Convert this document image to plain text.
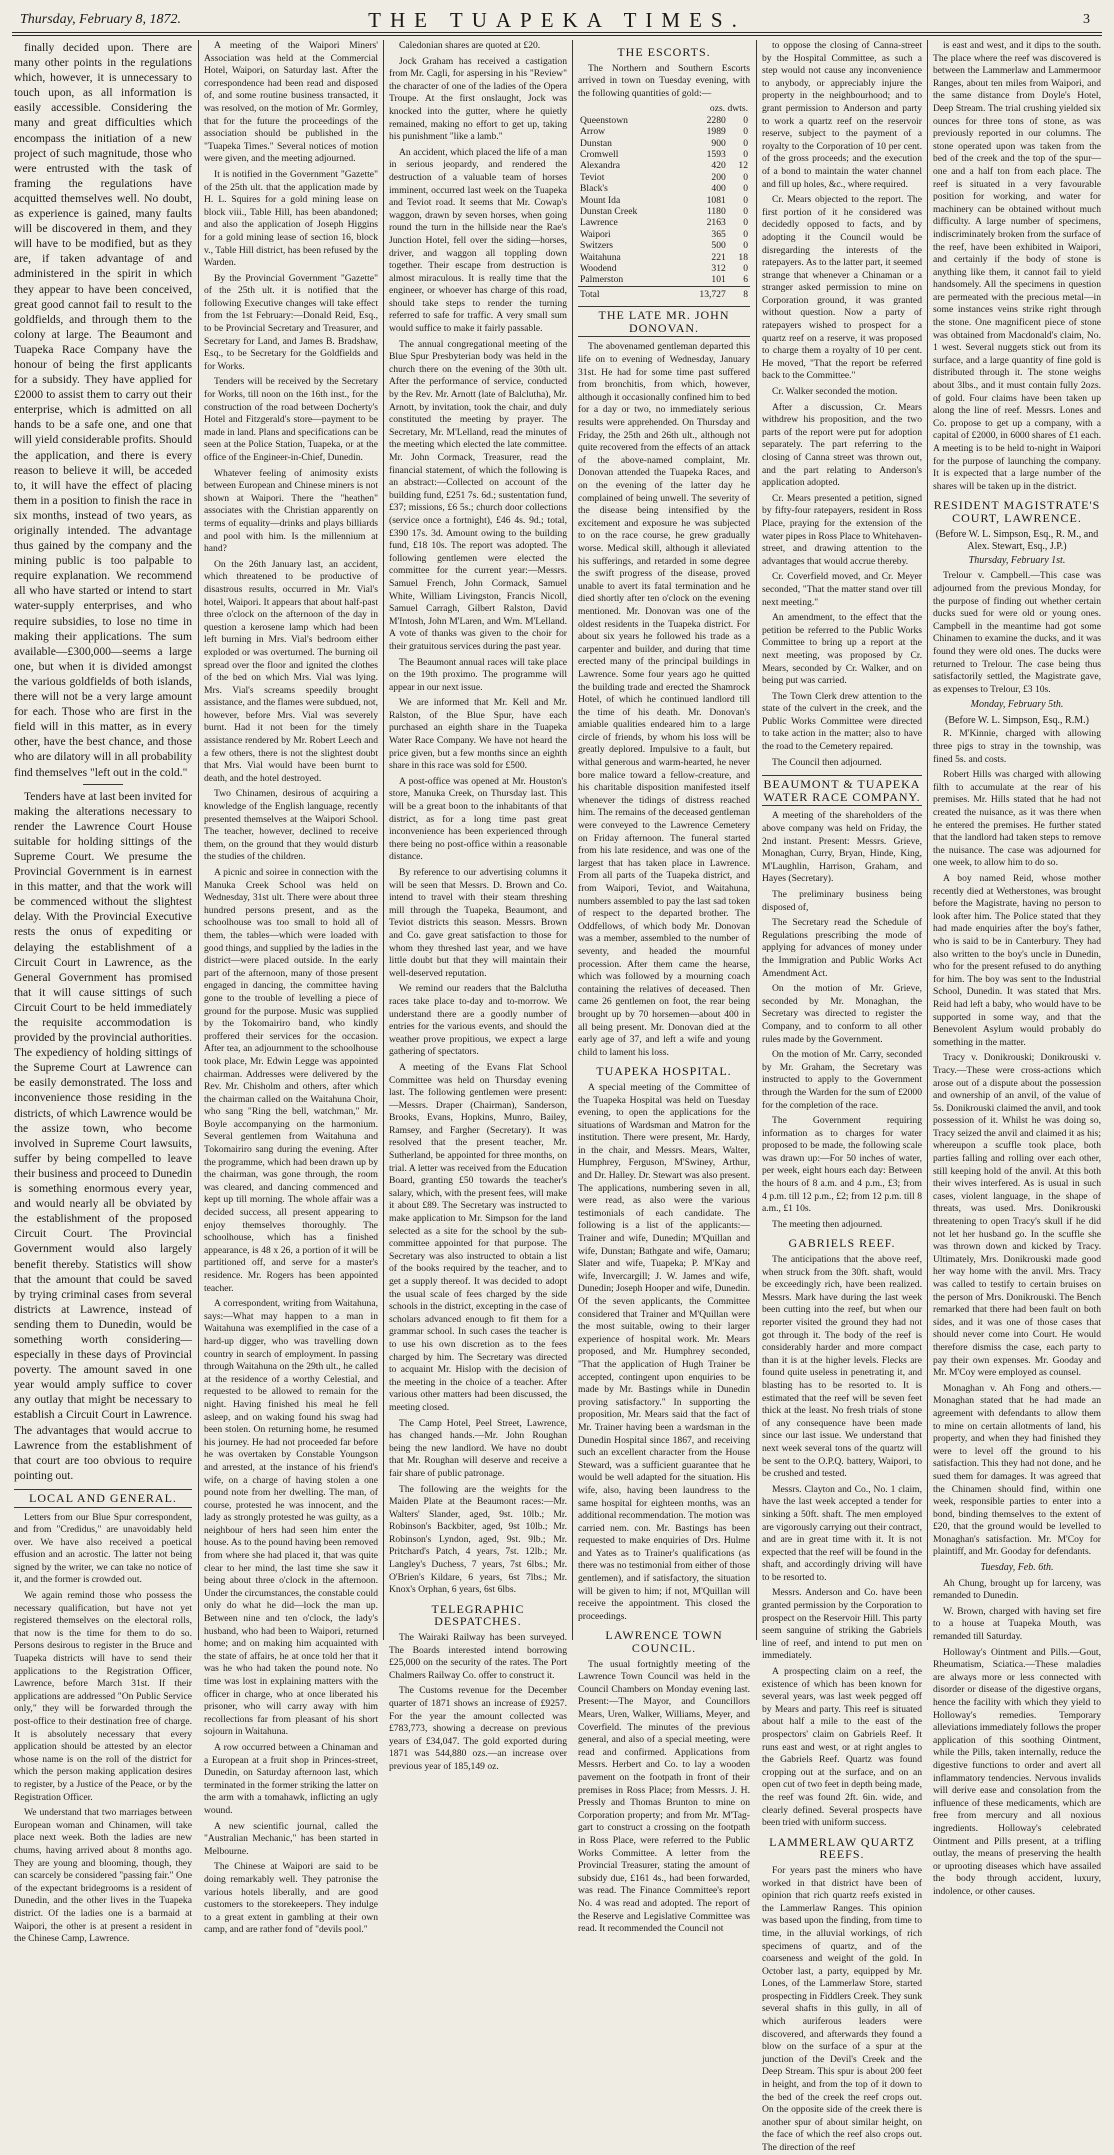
Thursday, February 8, 1872.	THE TUAPEKA TIMES.	3

finally decided upon. There are many other points in the regulations which, however, it is unnecessary to touch upon, as all information is easily accessible. Considering the many and great difficulties which encompass the initiation of a new project of such magnitude, those who were entrusted with the task of framing the regulations have acquitted themselves well. No doubt, as experience is gained, many faults will be discovered in them, and they will have to be modified, but as they are, if taken advantage of and administered in the spirit in which they appear to have been conceived, great good cannot fail to result to the goldfields, and through them to the colony at large. The Beaumont and Tuapeka Race Company have the honour of being the first applicants for a subsidy. They have applied for £2000 to assist them to carry out their enterprise, which is admitted on all hands to be a safe one, and one that will yield considerable profits. Should the application, and there is every reason to believe it will, be acceded to, it will have the effect of placing them in a position to finish the race in six months, instead of two years, as originally intended. The advantage thus gained by the company and the mining public is too palpable to require explanation. We recommend all who have started or intend to start water-supply enterprises, and who require subsidies, to lose no time in making their applications. The sum available—£300,000—seems a large one, but when it is divided amongst the various goldfields of both islands, there will not be a very large amount for each. Those who are first in the field will in this matter, as in every other, have the best chance, and those who are dilatory will in all probability find themselves "left out in the cold."

Tenders have at last been invited for making the alterations necessary to render the Lawrence Court House suitable for holding sittings of the Supreme Court. We presume the Provincial Government is in earnest in this matter, and that the work will be commenced without the slightest delay. With the Provincial Executive rests the onus of expediting or delaying the establishment of a Circuit Court in Lawrence, as the General Government has promised that it will cause sittings of such Circuit Court to be held immediately the requisite accommodation is provided by the provincial authorities. The expediency of holding sittings of the Supreme Court at Lawrence can be easily demonstrated. The loss and inconvenience those residing in the districts, of which Lawrence would be the assize town, who become involved in Supreme Court lawsuits, suffer by being compelled to leave their business and proceed to Dunedin is something enormous every year, and would nearly all be obviated by the establishment of the proposed Circuit Court. The Provincial Government would also largely benefit thereby. Statistics will show that the amount that could be saved by trying criminal cases from several districts at Lawrence, instead of sending them to Dunedin, would be something worth considering—especially in these days of Provincial poverty. The amount saved in one year would amply suffice to cover any outlay that might be necessary to establish a Circuit Court in Lawrence. The advantages that would accrue to Lawrence from the establishment of that court are too obvious to require pointing out.

LOCAL AND GENERAL.

Letters from our Blue Spur correspondent, and from "Credidus," are unavoidably held over. We have also received a poetical effusion and an acrostic. The latter not being signed by the writer, we can take no notice of it, and the former is crowded out.

We again remind those who possess the necessary qualification, but have not yet registered themselves on the electoral rolls, that now is the time for them to do so. Persons desirous to register in the Bruce and Tuapeka districts will have to send their applications to the Registration Officer, Lawrence, before March 31st. If their applications are addressed "On Public Service only," they will be forwarded through the post-office to their destination free of charge. It is absolutely necessary that every application should be attested by an elector whose name is on the roll of the district for which the person making application desires to register, by a Justice of the Peace, or by the Registration Officer.

We understand that two marriages between European woman and Chinamen, will take place next week. Both the ladies are new chums, having arrived about 8 months ago. They are young and blooming, though, they can scarcely be considered "passing fair." One of the expectant bridegrooms is a resident of Dunedin, and the other lives in the Tuapeka district. Of the ladies one is a barmaid at Waipori, the other is at present a resident in the Chinese Camp, Lawrence.

A meeting of the Waipori Miners' Association was held at the Commercial Hotel, Waipori, on Saturday last. After the correspondence had been read and disposed of, and some routine business transacted, it was resolved, on the motion of Mr. Gormley, that for the future the proceedings of the association should be published in the "Tuapeka Times." Several notices of motion were given, and the meeting adjourned.

It is notified in the Government "Gazette" of the 25th ult. that the application made by H. L. Squires for a gold mining lease on block viii., Table Hill, has been abandoned; and also the application of Joseph Higgins for a gold mining lease of section 16, block v., Table Hill district, has been refused by the Warden.

By the Provincial Government "Gazette" of the 25th ult. it is notified that the following Executive changes will take effect from the 1st February:—Donald Reid, Esq., to be Provincial Secretary and Treasurer, and Secretary for Land, and James B. Bradshaw, Esq., to be Secretary for the Goldfields and for Works.

Tenders will be received by the Secretary for Works, till noon on the 16th inst., for the construction of the road between Docherty's Hotel and Fitzgerald's store—payment to be made in land. Plans and specifications can be seen at the Police Station, Tuapeka, or at the office of the Engineer-in-Chief, Dunedin.

Whatever feeling of animosity exists between European and Chinese miners is not shown at Waipori. There the "heathen" associates with the Christian apparently on terms of equality—drinks and plays billiards and pool with him. Is the millennium at hand?

On the 26th January last, an accident, which threatened to be productive of disastrous results, occurred in Mr. Vial's hotel, Waipori. It appears that about half-past three o'clock on the afternoon of the day in question a kerosene lamp which had been left burning in Mrs. Vial's bedroom either exploded or was overturned. The burning oil spread over the floor and ignited the clothes of the bed on which Mrs. Vial was lying. Mrs. Vial's screams speedily brought assistance, and the flames were subdued, not, however, before Mrs. Vial was severely burnt. Had it not been for the timely assistance rendered by Mr. Robert Leech and a few others, there is not the slightest doubt that Mrs. Vial would have been burnt to death, and the hotel destroyed.

Two Chinamen, desirous of acquiring a knowledge of the English language, recently presented themselves at the Waipori School. The teacher, however, declined to receive them, on the ground that they would disturb the studies of the children.

A picnic and soiree in connection with the Manuka Creek School was held on Wednesday, 31st ult. There were about three hundred persons present, and as the schoolhouse was too small to hold all of them, the tables—which were loaded with good things, and supplied by the ladies in the district—were placed outside. In the early part of the afternoon, many of those present engaged in dancing, the committee having gone to the trouble of levelling a piece of ground for the purpose. Music was supplied by the Tokomairiro band, who kindly proffered their services for the occasion. After tea, an adjournment to the schoolhouse took place, Mr. Edwin Legge was appointed chairman. Addresses were delivered by the Rev. Mr. Chisholm and others, after which the chairman called on the Waitahuna Choir, who sang "Ring the bell, watchman," Mr. Boyle accompanying on the harmonium. Several gentlemen from Waitahuna and Tokomairiro sang during the evening. After the programme, which had been drawn up by the chairman, was gone through, the room was cleared, and dancing commenced and kept up till morning. The whole affair was a decided success, all present appearing to enjoy themselves thoroughly. The schoolhouse, which has a finished appearance, is 48 x 26, a portion of it will be partitioned off, and serve for a master's residence. Mr. Rogers has been appointed teacher.

A correspondent, writing from Waitahuna, says:—What may happen to a man in Waitahuna was exemplified in the case of a hard-up digger, who was travelling down country in search of employment. In passing through Waitahuna on the 29th ult., he called at the residence of a worthy Celestial, and requested to be allowed to remain for the night. Having finished his meal he fell asleep, and on waking found his swag had been stolen. On returning home, he resumed his journey. He had not proceeded far before he was overtaken by Constable Youngson and arrested, at the instance of his friend's wife, on a charge of having stolen a one pound note from her dwelling. The man, of course, protested he was innocent, and the lady as strongly protested he was guilty, as a neighbour of hers had seen him enter the house. As to the pound having been removed from where she had placed it, that was quite clear to her mind, the last time she saw it being about three o'clock in the afternoon. Under the circumstances, the constable could only do what he did—lock the man up. Between nine and ten o'clock, the lady's husband, who had been to Waipori, returned home; and on making him acquainted with the state of affairs, he at once told her that it was he who had taken the pound note. No time was lost in explaining matters with the officer in charge, who at once liberated his prisoner, who will carry away with him recollections far from pleasant of his short sojourn in Waitahuna.

A row occurred between a Chinaman and a European at a fruit shop in Princes-street, Dunedin, on Saturday afternoon last, which terminated in the former striking the latter on the arm with a tomahawk, inflicting an ugly wound.

A new scientific journal, called the "Australian Mechanic," has been started in Melbourne.

The Chinese at Waipori are said to be doing remarkably well. They patronise the various hotels liberally, and are good customers to the storekeepers. They indulge to a great extent in gambling at their own camp, and are rather fond of "devils pool."

Caledonian shares are quoted at £20.

Jock Graham has received a castigation from Mr. Cagli, for aspersing in his "Review" the character of one of the ladies of the Opera Troupe. At the first onslaught, Jock was knocked into the gutter, where he quietly remained, making no effort to get up, taking his punishment "like a lamb."

An accident, which placed the life of a man in serious jeopardy, and rendered the destruction of a valuable team of horses imminent, occurred last week on the Tuapeka and Teviot road. It seems that Mr. Cowap's waggon, drawn by seven horses, when going round the turn in the hillside near the Rae's Junction Hotel, fell over the siding—horses, driver, and waggon all toppling down together. Their escape from destruction is almost miraculous. It is really time that the engineer, or whoever has charge of this road, should take steps to render the turning referred to safe for traffic. A very small sum would suffice to make it fairly passable.

The annual congregational meeting of the Blue Spur Presbyterian body was held in the church there on the evening of the 30th ult. After the performance of service, conducted by the Rev. Mr. Arnott (late of Balclutha), Mr. Arnott, by invitation, took the chair, and duly constituted the meeting by prayer. The Secretary, Mr. M'Lelland, read the minutes of the meeting which elected the late committee. Mr. John Cormack, Treasurer, read the financial statement, of which the following is an abstract:—Collected on account of the building fund, £251 7s. 6d.; sustentation fund, £37; missions, £6 5s.; church door collections (service once a fortnight), £46 4s. 9d.; total, £390 17s. 3d. Amount owing to the building fund, £18 10s. The report was adopted. The following gentlemen were elected the committee for the current year:—Messrs. Samuel French, John Cormack, Samuel White, William Livingston, Francis Nicoll, Samuel Carragh, Gilbert Ralston, David M'Intosh, John M'Laren, and Wm. M'Lelland. A vote of thanks was given to the choir for their gratuitous services during the past year.

The Beaumont annual races will take place on the 19th proximo. The programme will appear in our next issue.

We are informed that Mr. Kell and Mr. Ralston, of the Blue Spur, have each purchased an eighth share in the Tuapeka Water Race Company. We have not heard the price given, but a few months since an eighth share in this race was sold for £500.

A post-office was opened at Mr. Houston's store, Manuka Creek, on Thursday last. This will be a great boon to the inhabitants of that district, as for a long time past great inconvenience has been experienced through there being no post-office within a reasonable distance.

By reference to our advertising columns it will be seen that Messrs. D. Brown and Co. intend to travel with their steam threshing mill through the Tuapeka, Beaumont, and Teviot districts this season. Messrs. Brown and Co. gave great satisfaction to those for whom they threshed last year, and we have little doubt but that they will maintain their well-deserved reputation.

We remind our readers that the Balclutha races take place to-day and to-morrow. We understand there are a goodly number of entries for the various events, and should the weather prove propitious, we expect a large gathering of spectators.

A meeting of the Evans Flat School Committee was held on Thursday evening last. The following gentlemen were present:—Messrs. Draper (Chairman), Sanderson, Brooks, Evans, Hopkins, Munro, Bailey, Ramsey, and Fargher (Secretary). It was resolved that the present teacher, Mr. Sutherland, be appointed for three months, on trial. A letter was received from the Education Board, granting £50 towards the teacher's salary, which, with the present fees, will make it about £89. The Secretary was instructed to make application to Mr. Simpson for the land selected as a site for the school by the sub-committee appointed for that purpose. The Secretary was also instructed to obtain a list of the books required by the teacher, and to get a supply thereof. It was decided to adopt the usual scale of fees charged by the side schools in the district, excepting in the case of scholars advanced enough to fit them for a grammar school. In such cases the teacher is to use his own discretion as to the fees charged by him. The Secretary was directed to acquaint Mr. Hislop with the decision of the meeting in the choice of a teacher. After various other matters had been discussed, the meeting closed.

The Camp Hotel, Peel Street, Lawrence, has changed hands.—Mr. John Roughan being the new landlord. We have no doubt that Mr. Roughan will deserve and receive a fair share of public patronage.

The following are the weights for the Maiden Plate at the Beaumont races:—Mr. Walters' Slander, aged, 9st. 10lb.; Mr. Robinson's Backbiter, aged, 9st 10lb.; Mr. Robinson's Lyndon, aged, 9st. 9lb.; Mr. Pritchard's Patch, 4 years, 7st. 12lb.; Mr. Langley's Duchess, 7 years, 7st 6lbs.; Mr. O'Brien's Kildare, 6 years, 6st 7lbs.; Mr. Knox's Orphan, 6 years, 6st 6lbs.

TELEGRAPHIC DESPATCHES.

The Wairaki Railway has been surveyed. The Boards interested intend borrowing £25,000 on the security of the rates. The Port Chalmers Railway Co. offer to construct it.

The Customs revenue for the December quarter of 1871 shows an increase of £9257. For the year the amount collected was £783,773, showing a decrease on previous years of £34,047. The gold exported during 1871 was 544,880 ozs.—an increase over previous year of 185,149 oz.

THE ESCORTS.

The Northern and Southern Escorts arrived in town on Tuesday evening, with the following quantities of gold:—

	ozs. dwts.	
Queenstown	2280	0
Arrow	1989	0
Dunstan	900	0
Cromwell	1593	0
Alexandra	420	12
Teviot	200	0
Black's	400	0
Mount Ida	1081	0
Dunstan Creek	1180	0
Lawrence	2163	0
Waipori	365	0
Switzers	500	0
Waitahuna	221	18
Woodend	312	0
Palmerston	101	6
Total	13,727	8
THE LATE MR. JOHN DONOVAN.

The abovenamed gentleman departed this life on to evening of Wednesday, January 31st. He had for some time past suffered from bronchitis, from which, however, although it occasionally confined him to bed for a day or two, no immediately serious results were apprehended. On Thursday and Friday, the 25th and 26th ult., although not quite recovered from the effects of an attack of the above-named complaint, Mr. Donovan attended the Tuapeka Races, and on the evening of the latter day he complained of being unwell. The severity of the disease being intensified by the excitement and exposure he was subjected to on the race course, he grew gradually worse. Medical skill, although it alleviated his sufferings, and retarded in some degree the swift progress of the disease, proved unable to avert its fatal termination and he died shortly after ten o'clock on the evening mentioned. Mr. Donovan was one of the oldest residents in the Tuapeka district. For about six years he followed his trade as a carpenter and builder, and during that time erected many of the principal buildings in Lawrence. Some four years ago he quitted the building trade and erected the Shamrock Hotel, of which he continued landlord till the time of his death. Mr. Donovan's amiable qualities endeared him to a large circle of friends, by whom his loss will be greatly deplored. Impulsive to a fault, but withal generous and warm-hearted, he never bore malice toward a fellow-creature, and his charitable disposition manifested itself whenever the tidings of distress reached him. The remains of the deceased gentleman were conveyed to the Lawrence Cemetery on Friday afternoon. The funeral started from his late residence, and was one of the largest that has taken place in Lawrence. From all parts of the Tuapeka district, and from Waipori, Teviot, and Waitahuna, numbers assembled to pay the last sad token of respect to the departed brother. The Oddfellows, of which body Mr. Donovan was a member, assembled to the number of seventy, and headed the mournful procession. After them came the hearse, which was followed by a mourning coach containing the relatives of deceased. Then came 26 gentlemen on foot, the rear being brought up by 70 horsemen—about 400 in all being present. Mr. Donovan died at the early age of 37, and left a wife and young child to lament his loss.

TUAPEKA HOSPITAL.

A special meeting of the Committee of the Tuapeka Hospital was held on Tuesday evening, to open the applications for the situations of Wardsman and Matron for the institution. There were present, Mr. Hardy, in the chair, and Messrs. Mears, Walter, Humphrey, Ferguson, M'Swiney, Arthur, and Dr. Halley. Dr. Stewart was also present. The applications, numbering seven in all, were read, as also were the various testimonials of each candidate. The following is a list of the applicants:—Trainer and wife, Dunedin; M'Quillan and wife, Dunstan; Bathgate and wife, Oamaru; Slater and wife, Tuapeka; P. M'Kay and wife, Invercargill; J. W. James and wife, Dunedin; Joseph Hooper and wife, Dunedin. Of the seven applicants, the Committee considered that Trainer and M'Quillan were the most suitable, owing to their larger experience of hospital work. Mr. Mears proposed, and Mr. Humphrey seconded, "That the application of Hugh Trainer be accepted, contingent upon enquiries to be made by Mr. Bastings while in Dunedin proving satisfactory." In supporting the proposition, Mr. Mears said that the fact of Mr. Trainer having been a wardsman in the Dunedin Hospital since 1867, and receiving such an excellent character from the House Steward, was a sufficient guarantee that he would be well adapted for the situation. His wife, also, having been laundress to the same hospital for eighteen months, was an additional recommendation. The motion was carried nem. con. Mr. Bastings has been requested to make enquiries of Drs. Hulme and Yates as to Trainer's qualifications (as there was no testimonial from either of those gentlemen), and if satisfactory, the situation will be given to him; if not, M'Quillan will receive the appointment. This closed the proceedings.

LAWRENCE TOWN COUNCIL.

The usual fortnightly meeting of the Lawrence Town Council was held in the Council Chambers on Monday evening last. Present:—The Mayor, and Councillors Mears, Uren, Walker, Williams, Meyer, and Coverfield. The minutes of the previous general, and also of a special meeting, were read and confirmed. Applications from Messrs. Herbert and Co. to lay a wooden pavement on the footpath in front of their premises in Ross Place; from Messrs. J. H. Pressly and Thomas Brunton to mine on Corporation property; and from Mr. M'Tag-gart to construct a crossing on the footpath in Ross Place, were referred to the Public Works Committee. A letter from the Provincial Treasurer, stating the amount of subsidy due, £161 4s., had been forwarded, was read. The Finance Committee's report No. 4 was read and adopted. The report of the Reserve and Legislative Committee was read. It recommended the Council not

to oppose the closing of Canna-street by the Hospital Committee, as such a step would not cause any inconvenience to anybody, or appreciably injure the property in the neighbourhood; and to grant permission to Anderson and party to work a quartz reef on the reservoir reserve, subject to the payment of a royalty to the Corporation of 10 per cent. of the gross proceeds; and the execution of a bond to maintain the water channel and fill up holes, &c., where required.

Cr. Mears objected to the report. The first portion of it he considered was decidedly opposed to facts, and by adopting it the Council would be disregarding the interests of the ratepayers. As to the latter part, it seemed strange that whenever a Chinaman or a stranger asked permission to mine on Corporation ground, it was granted without question. Now a party of ratepayers wished to prospect for a quartz reef on a reserve, it was proposed to charge them a royalty of 10 per cent. He moved, "That the report be referred back to the Committee."

Cr. Walker seconded the motion.

After a discussion, Cr. Mears withdrew his proposition, and the two parts of the report were put for adoption separately. The part referring to the closing of Canna street was thrown out, and the part relating to Anderson's application adopted.

Cr. Mears presented a petition, signed by fifty-four ratepayers, resident in Ross Place, praying for the extension of the water pipes in Ross Place to Whitehaven-street, and drawing attention to the advantages that would accrue thereby.

Cr. Coverfield moved, and Cr. Meyer seconded, "That the matter stand over till next meeting."

An amendment, to the effect that the petition be referred to the Public Works Committee to bring up a report at the next meeting, was proposed by Cr. Mears, seconded by Cr. Walker, and on being put was carried.

The Town Clerk drew attention to the state of the culvert in the creek, and the Public Works Committee were directed to take action in the matter; also to have the road to the Cemetery repaired.

The Council then adjourned.

BEAUMONT & TUAPEKA WATER RACE COMPANY.

A meeting of the shareholders of the above company was held on Friday, the 2nd instant. Present: Messrs. Grieve, Monaghan, Curry, Bryan, Hinde, King, M'Laughlin, Harrison, Graham, and Hayes (Secretary).

The preliminary business being disposed of,

The Secretary read the Schedule of Regulations prescribing the mode of applying for advances of money under the Immigration and Public Works Act Amendment Act.

On the motion of Mr. Grieve, seconded by Mr. Monaghan, the Secretary was directed to register the Company, and to conform to all other rules made by the Government.

On the motion of Mr. Carry, seconded by Mr. Graham, the Secretary was instructed to apply to the Government through the Warden for the sum of £2000 for the completion of the race.

The Government requiring information as to charges for water proposed to be made, the following scale was drawn up:—For 50 inches of water, per week, eight hours each day: Between the hours of 8 a.m. and 4 p.m., £3; from 4 p.m. till 12 p.m., £2; from 12 p.m. till 8 a.m., £1 10s.

The meeting then adjourned.

GABRIELS REEF.

The anticipations that the above reef, when struck from the 30ft. shaft, would be exceedingly rich, have been realized. Messrs. Mark have during the last week been cutting into the reef, but when our reporter visited the ground they had not got through it. The body of the reef is considerably harder and more compact than it is at the higher levels. Flecks are found quite useless in penetrating it, and blasting has to be resorted to. It is estimated that the reef will be seven feet thick at the least. No fresh trials of stone of any consequence have been made since our last issue. We understand that next week several tons of the quartz will be sent to the O.P.Q. battery, Waipori, to be crushed and tested.

Messrs. Clayton and Co., No. 1 claim, have the last week accepted a tender for sinking a 50ft. shaft. The men employed are vigorously carrying out their contract, and are in great time with it. It is not expected that the reef will be found in the shaft, and accordingly driving will have to be resorted to.

Messrs. Anderson and Co. have been granted permission by the Corporation to prospect on the Reservoir Hill. This party seem sanguine of striking the Gabriels line of reef, and intend to put men on immediately.

A prospecting claim on a reef, the existence of which has been known for several years, was last week pegged off by Mears and party. This reef is situated about half a mile to the east of the prospectors' claim on Gabriels Reef. It runs east and west, or at right angles to the Gabriels Reef. Quartz was found cropping out at the surface, and on an open cut of two feet in depth being made, the reef was found 2ft. 6in. wide, and clearly defined. Several prospects have been tried with uniform success.

LAMMERLAW QUARTZ REEFS.

For years past the miners who have worked in that district have been of opinion that rich quartz reefs existed in the Lammerlaw Ranges. This opinion was based upon the finding, from time to time, in the alluvial workings, of rich specimens of quartz, and of the coarseness and weight of the gold. In October last, a party, equipped by Mr. Lones, of the Lammerlaw Store, started prospecting in Fiddlers Creek. They sunk several shafts in this gully, in all of which auriferous leaders were discovered, and afterwards they found a blow on the surface of a spur at the junction of the Devil's Creek and the Deep Stream. This spur is about 200 feet in height, and from the top of it down to the bed of the creek the reef crops out. On the opposite side of the creek there is another spur of about similar height, on the face of which the reef also crops out. The direction of the reef

is east and west, and it dips to the south. The place where the reef was discovered is between the Lammerlaw and Lammermoor Ranges, about ten miles from Waipori, and the same distance from Doyle's Hotel, Deep Stream. The trial crushing yielded six ounces for three tons of stone, as was previously reported in our columns. The stone operated upon was taken from the bed of the creek and the top of the spur—one and a half ton from each place. The reef is situated in a very favourable position for working, and water for machinery can be obtained without much difficulty. A large number of specimens, indiscriminately broken from the surface of the reef, have been exhibited in Waipori, and certainly if the body of stone is anything like them, it cannot fail to yield handsomely. All the specimens in question are permeated with the precious metal—in some instances veins strike right through the stone. One magnificent piece of stone was obtained from Macdonald's claim, No. 1 west. Several nuggets stick out from its surface, and a large quantity of fine gold is distributed through it. The stone weighs about 3lbs., and it must contain fully 2ozs. of gold. Four claims have been taken up along the line of reef. Messrs. Lones and Co. propose to get up a company, with a capital of £2000, in 6000 shares of £1 each. A meeting is to be held to-night in Waipori for the purpose of launching the company. It is expected that a large number of the shares will be taken up in the district.

RESIDENT MAGISTRATE'S COURT, LAWRENCE.
(Before W. L. Simpson, Esq., R. M., and Alex. Stewart, Esq., J.P.)
Thursday, February 1st.

Trelour v. Campbell.—This case was adjourned from the previous Monday, for the purpose of finding out whether certain ducks sued for were old or young ones. Campbell in the meantime had got some Chinamen to examine the ducks, and it was found they were old ones. The ducks were returned to Trelour. The case being thus satisfactorily settled, the Magistrate gave, as expenses to Trelour, £3 10s.

Monday, February 5th.
(Before W. L. Simpson, Esq., R.M.)

R. M'Kinnie, charged with allowing three pigs to stray in the township, was fined 5s. and costs.

Robert Hills was charged with allowing filth to accumulate at the rear of his premises. Mr. Hills stated that he had not created the nuisance, as it was there when he entered the premises. He further stated that the landlord had taken steps to remove the nuisance. The case was adjourned for one week, to allow him to do so.

A boy named Reid, whose mother recently died at Wetherstones, was brought before the Magistrate, having no person to look after him. The Police stated that they had made enquiries after the boy's father, who is said to be in Canterbury. They had also written to the boy's uncle in Dunedin, who for the present refused to do anything for him. The boy was sent to the Industrial School, Dunedin. It was stated that Mrs. Reid had left a baby, who would have to be supported in some way, and that the Benevolent Asylum would probably do something in the matter.

Tracy v. Donikrouski; Donikrouski v. Tracy.—These were cross-actions which arose out of a dispute about the possession and ownership of an anvil, of the value of 5s. Donikrouski claimed the anvil, and took possession of it. Whilst he was doing so, Tracy seized the anvil and claimed it as his; whereupon a scuffle took place, both parties falling and rolling over each other, still keeping hold of the anvil. At this both their wives interfered. As is usual in such cases, violent language, in the shape of threats, was used. Mrs. Donikrouski threatening to open Tracy's skull if he did not let her husband go. In the scuffle she was thrown down and kicked by Tracy. Ultimately, Mrs. Donikrouski made good her way home with the anvil. Mrs. Tracy was called to testify to certain bruises on the person of Mrs. Donikrouski. The Bench remarked that there had been fault on both sides, and it was one of those cases that should never come into Court. He would therefore dismiss the case, each party to pay their own expenses. Mr. Gooday and Mr. M'Coy were employed as counsel.

Monaghan v. Ah Fong and others.—Monaghan stated that he had made an agreement with defendants to allow them to mine on certain allotments of land, his property, and when they had finished they were to level off the ground to his satisfaction. This they had not done, and he sued them for damages. It was agreed that the Chinamen should find, within one week, responsible parties to enter into a bond, binding themselves to the extent of £20, that the ground would be levelled to Monaghan's satisfaction. Mr. M'Coy for plaintiff, and Mr. Gooday for defendants.

Tuesday, Feb. 6th.

Ah Chung, brought up for larceny, was remanded to Dunedin.

W. Brown, charged with having set fire to a house at Tuapeka Mouth, was remanded till Saturday.

Holloway's Ointment and Pills.—Gout, Rheumatism, Sciatica.—These maladies are always more or less connected with disorder or disease of the digestive organs, hence the facility with which they yield to Holloway's remedies. Temporary alleviations immediately follows the proper application of this soothing Ointment, while the Pills, taken internally, reduce the digestive functions to order and avert all inflammatory tendencies. Nervous invalids will derive ease and consolation from the influence of these medicaments, which are free from mercury and all noxious ingredients. Holloway's celebrated Ointment and Pills present, at a trifling outlay, the means of preserving the health or uprooting diseases which have assailed the body through accident, luxury, indolence, or other causes.
